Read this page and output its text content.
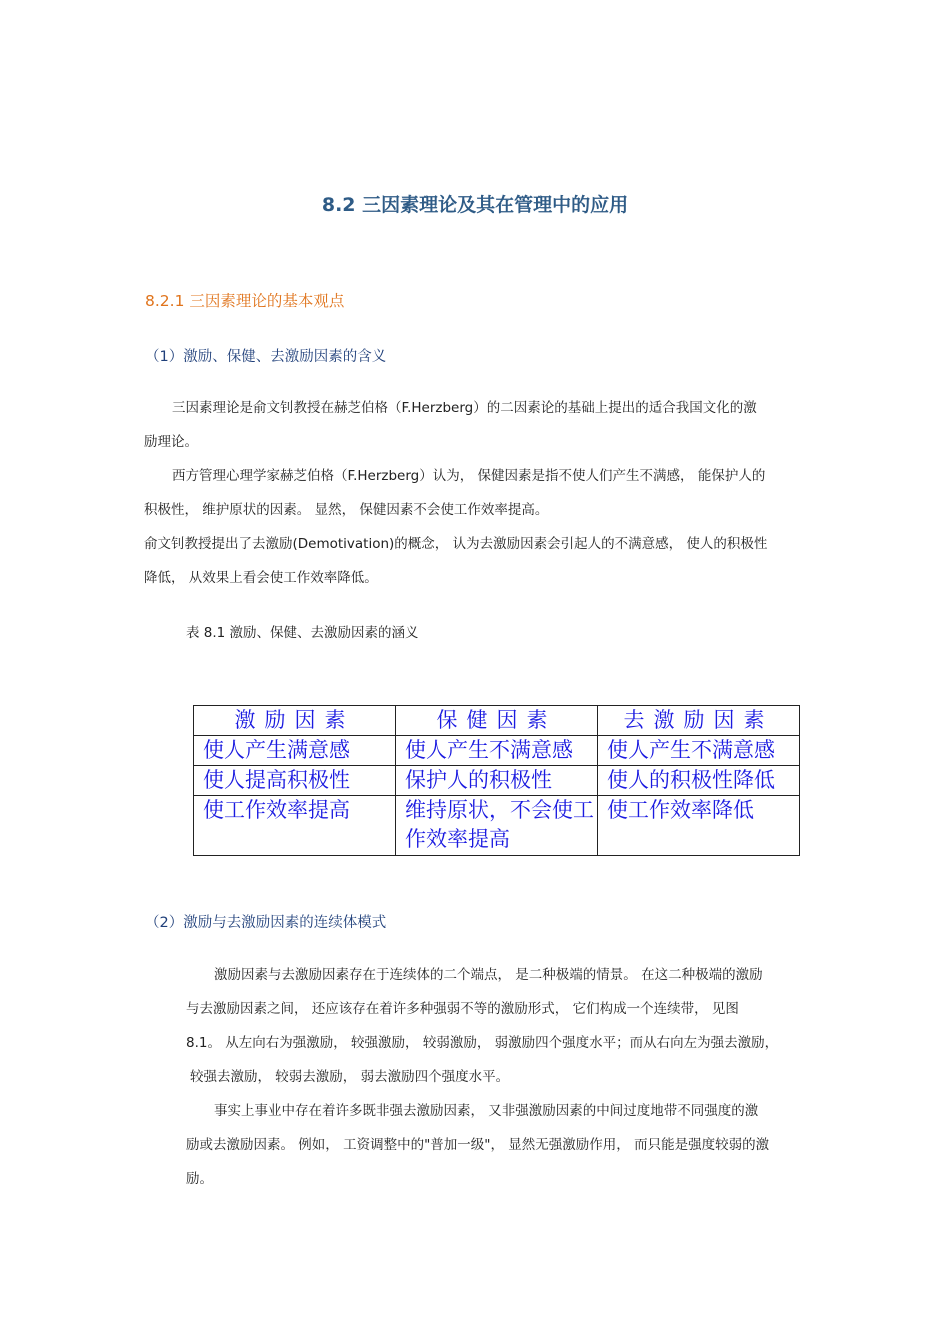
8.2 三因素理论及其在管理中的应用
8.2.1 三因素理论的基本观点
（1）激励、保健、去激励因素的含义
三因素理论是俞文钊教授在赫芝伯格（F.Herzberg）的二因素论的基础上提出的适合我国文化的激
励理论。
西方管理心理学家赫芝伯格（F.Herzberg）认为， 保健因素是指不使人们产生不满感， 能保护人的
积极性， 维护原状的因素。 显然， 保健因素不会使工作效率提高。
俞文钊教授提出了去激励(Demotivation)的概念， 认为去激励因素会引起人的不满意感， 使人的积极性
降低， 从效果上看会使工作效率降低。
表 8.1 激励、保健、去激励因素的涵义
激励因素	保健因素	去激励因素
使人产生满意感	使人产生不满意感	使人产生不满意感
使人提高积极性	保护人的积极性	使人的积极性降低
使工作效率提高	维持原状，不会使工作效率提高	使工作效率降低
（2）激励与去激励因素的连续体模式
激励因素与去激励因素存在于连续体的二个端点， 是二种极端的情景。 在这二种极端的激励
与去激励因素之间， 还应该存在着许多种强弱不等的激励形式， 它们构成一个连续带， 见图
8.1。 从左向右为强激励， 较强激励， 较弱激励， 弱激励四个强度水平；而从右向左为强去激励，
较强去激励， 较弱去激励， 弱去激励四个强度水平。
事实上事业中存在着许多既非强去激励因素， 又非强激励因素的中间过度地带不同强度的激
励或去激励因素。 例如， 工资调整中的"普加一级"， 显然无强激励作用， 而只能是强度较弱的激
励。
